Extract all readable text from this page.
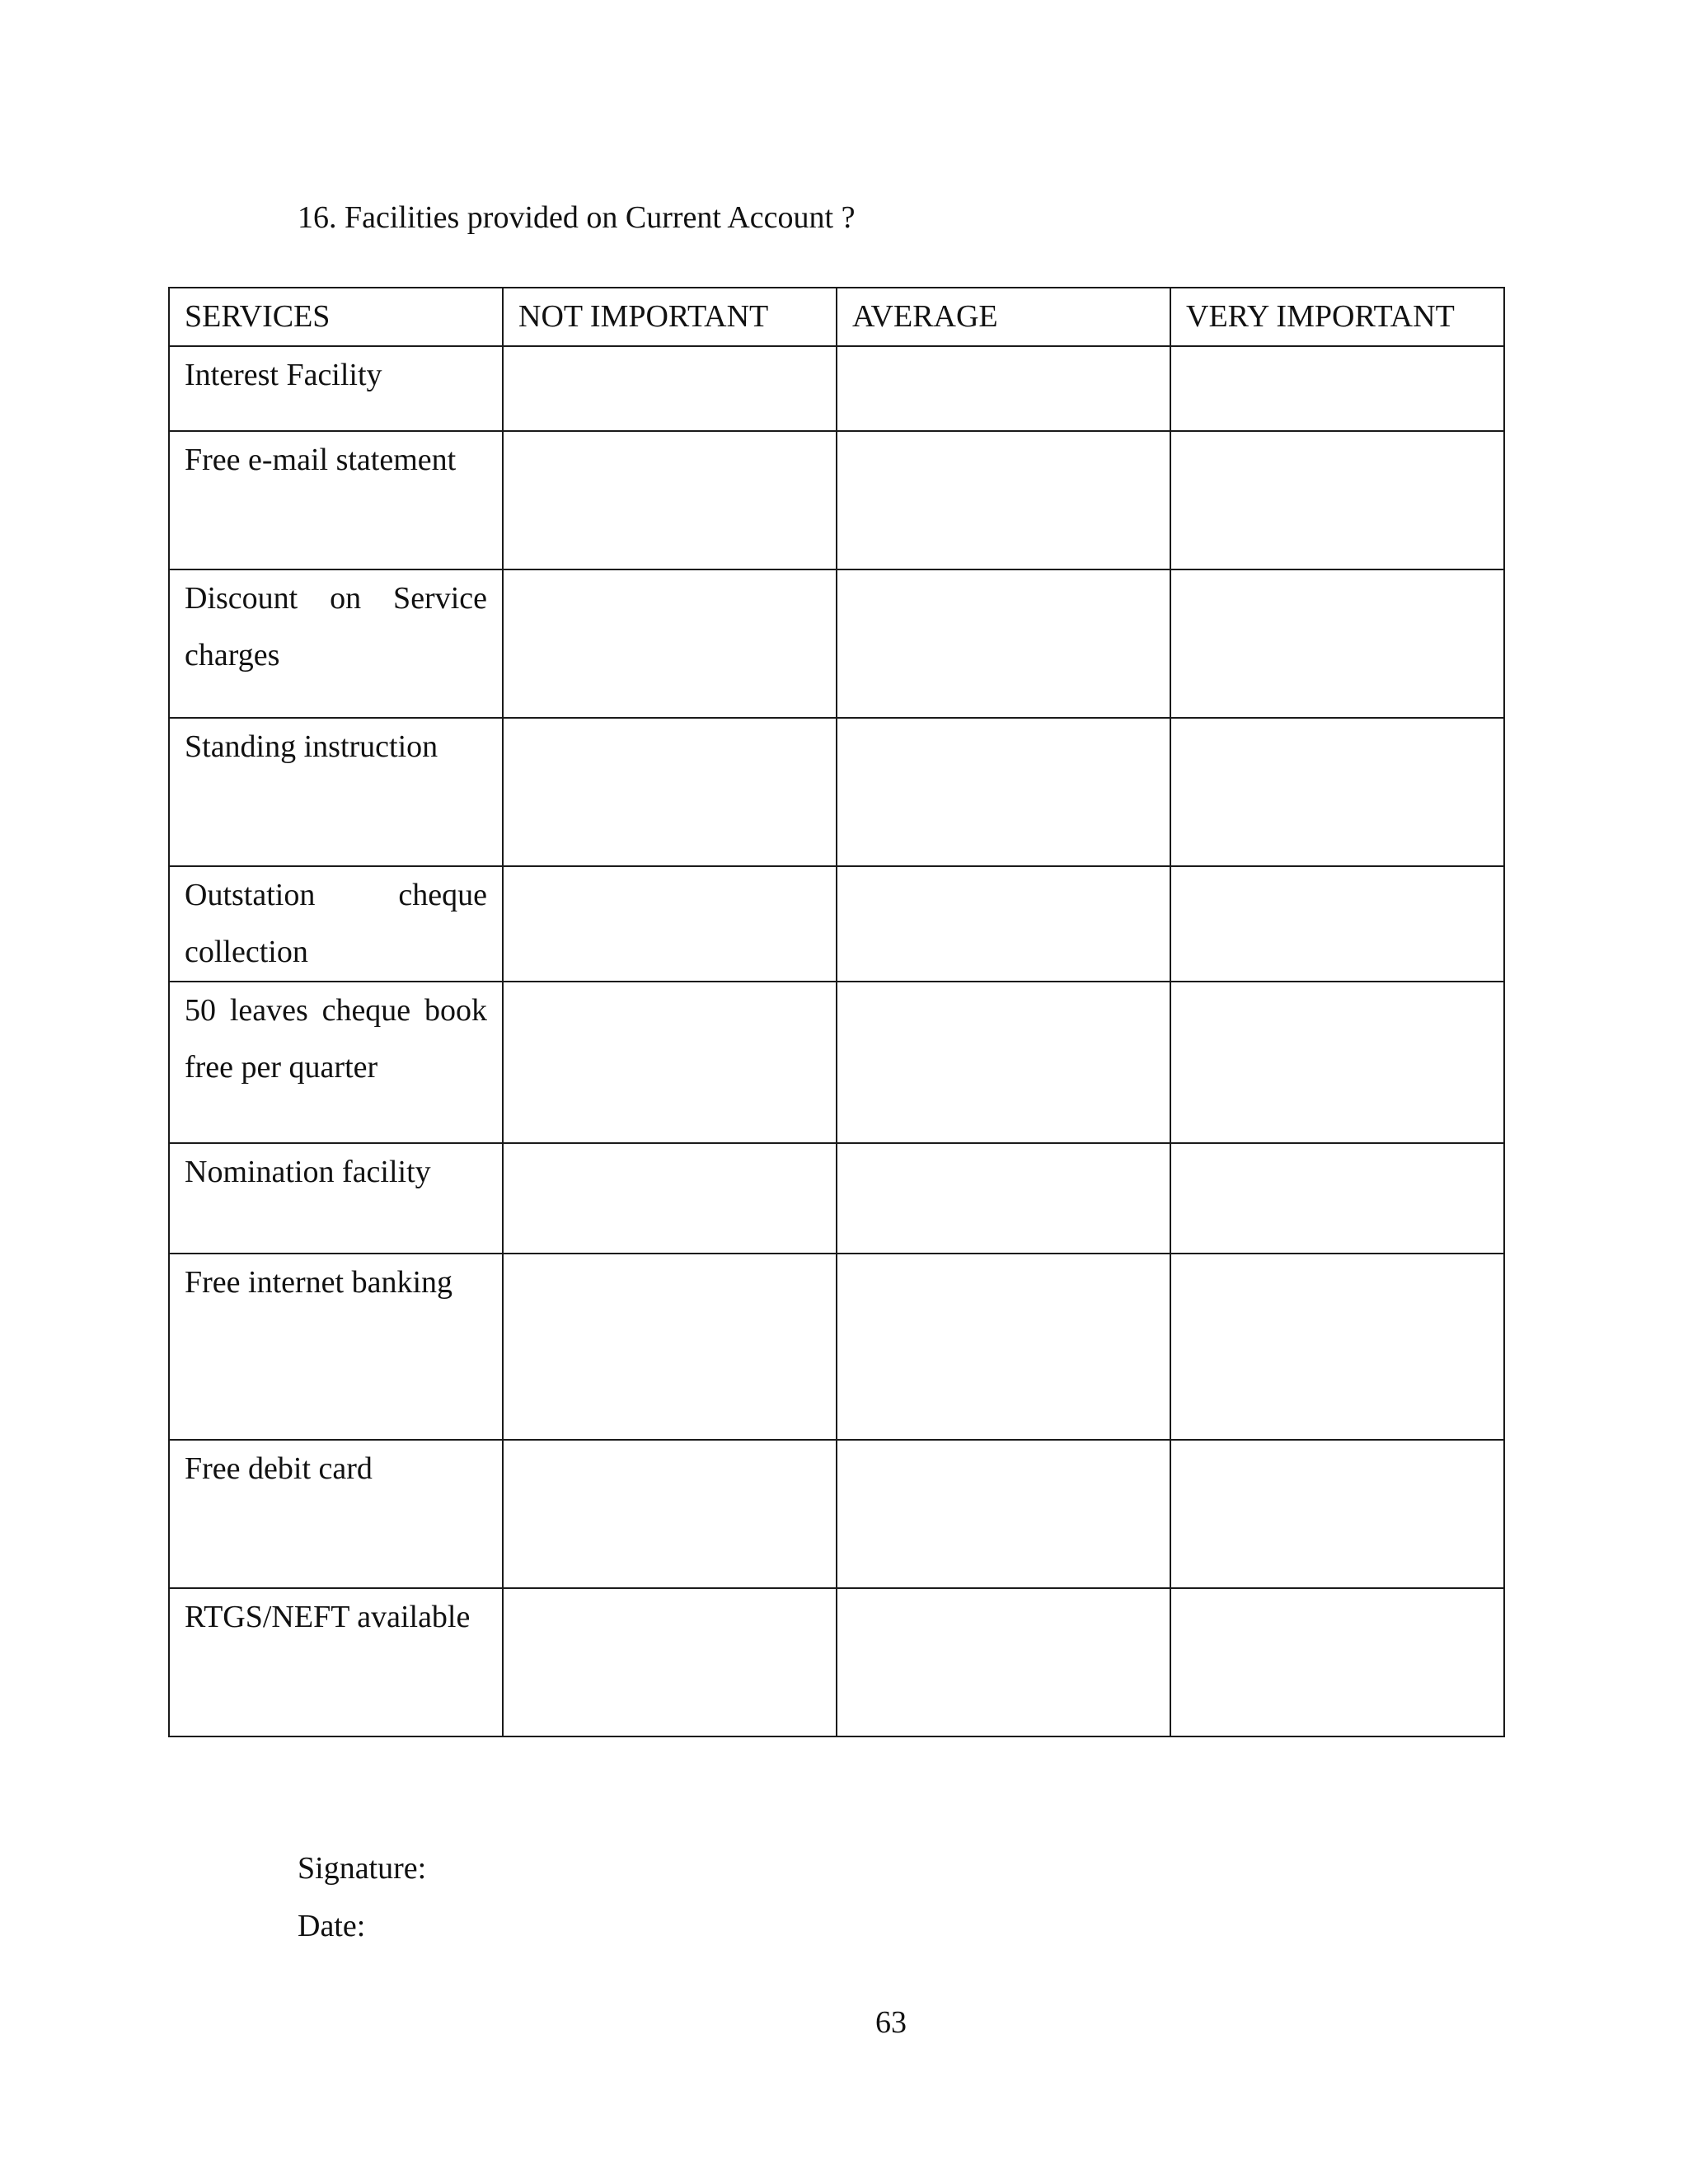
16. Facilities provided on Current Account ?
SERVICES	NOT IMPORTANT	AVERAGE	VERY IMPORTANT
Interest Facility			
Free e-mail statement			
Discount on Service charges			
Standing instruction			
Outstation cheque collection			
50 leaves cheque book free per quarter			
Nomination facility			
Free internet banking			
Free debit card			
RTGS/NEFT available			
Signature:
Date:
63
